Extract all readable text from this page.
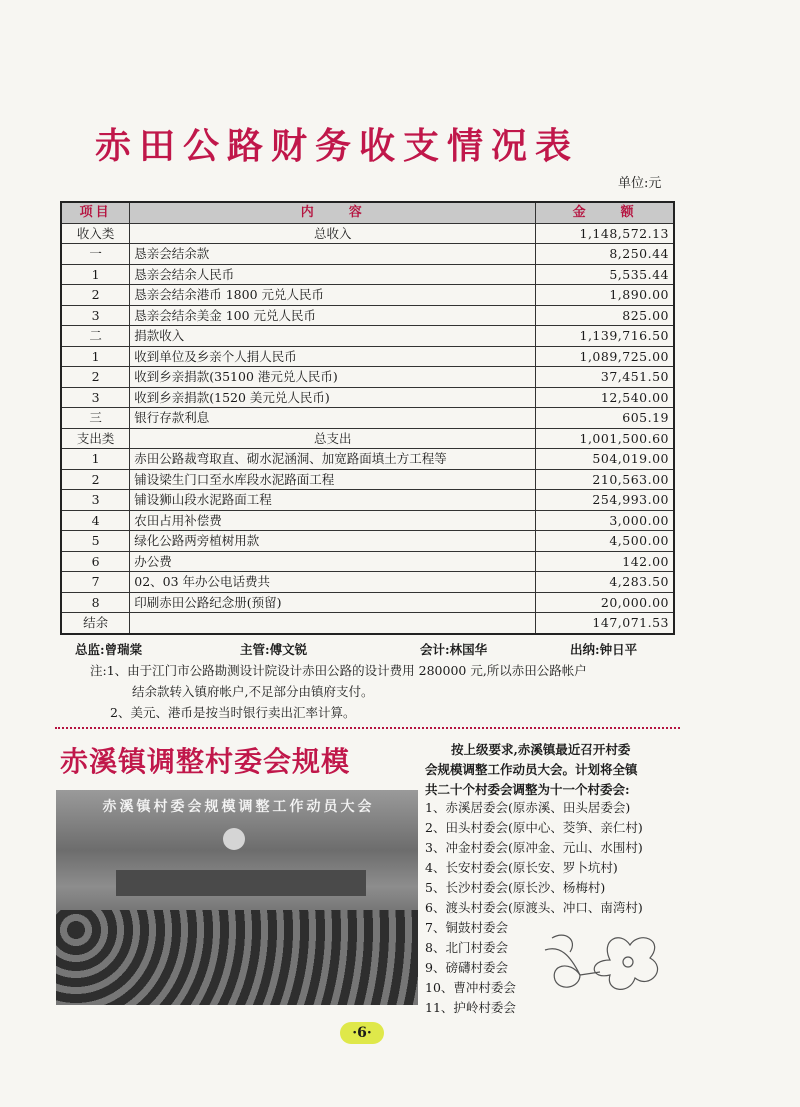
赤田公路财务收支情况表
单位:元
项目	内　　容	金　　额
收入类	总收入	1,148,572.13
一	恳亲会结余款	8,250.44
1	恳亲会结余人民币	5,535.44
2	恳亲会结余港币 1800 元兑人民币	1,890.00
3	恳亲会结余美金 100 元兑人民币	825.00
二	捐款收入	1,139,716.50
1	收到单位及乡亲个人捐人民币	1,089,725.00
2	收到乡亲捐款(35100 港元兑人民币)	37,451.50
3	收到乡亲捐款(1520 美元兑人民币)	12,540.00
三	银行存款利息	605.19
支出类	总支出	1,001,500.60
1	赤田公路裁弯取直、砌水泥涵洞、加宽路面填土方工程等	504,019.00
2	铺设梁生门口至水库段水泥路面工程	210,563.00
3	铺设狮山段水泥路面工程	254,993.00
4	农田占用补偿费	3,000.00
5	绿化公路两旁植树用款	4,500.00
6	办公费	142.00
7	02、03 年办公电话费共	4,283.50
8	印刷赤田公路纪念册(预留)	20,000.00
结余		147,071.53
总监:曾瑞棠	主管:傅文锐	会计:林国华	出纳:钟日平
注:1、由于江门市公路勘测设计院设计赤田公路的设计费用 280000 元,所以赤田公路帐户
结余款转入镇府帐户,不足部分由镇府支付。
2、美元、港币是按当时银行卖出汇率计算。
赤溪镇调整村委会规模
赤溪镇村委会规模调整工作动员大会
按上级要求,赤溪镇最近召开村委
会规模调整工作动员大会。计划将全镇
共二十个村委会调整为十一个村委会:
1、赤溪居委会(原赤溪、田头居委会)
2、田头村委会(原中心、茭笋、亲仁村)
3、冲金村委会(原冲金、元山、水围村)
4、长安村委会(原长安、罗卜坑村)
5、长沙村委会(原长沙、杨梅村)
6、渡头村委会(原渡头、冲口、南湾村)
7、铜鼓村委会
8、北门村委会
9、磅礴村委会
10、曹冲村委会
11、护岭村委会
·6·
